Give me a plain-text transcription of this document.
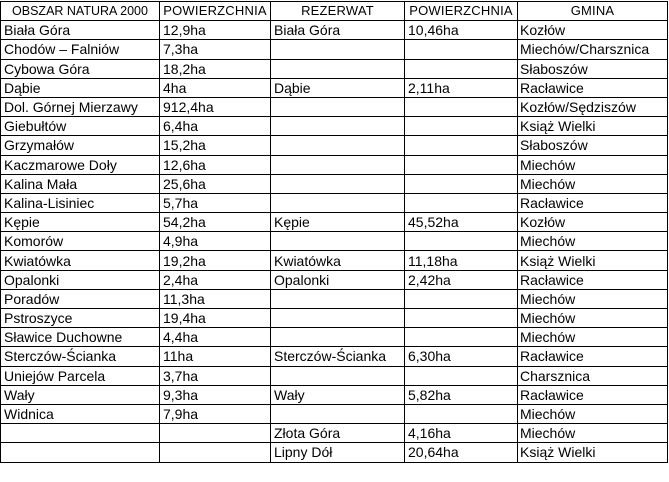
OBSZAR NATURA 2000	POWIERZCHNIA	REZERWAT	POWIERZCHNIA	GMINA
Biała Góra	12,9ha	Biała Góra	10,46ha	Kozłów
Chodów – Falniów	7,3ha			Miechów/Charsznica
Cybowa Góra	18,2ha			Słaboszów
Dąbie	4ha	Dąbie	2,11ha	Racławice
Dol. Górnej Mierzawy	912,4ha			Kozłów/Sędziszów
Giebułtów	6,4ha			Książ Wielki
Grzymałów	15,2ha			Słaboszów
Kaczmarowe Doły	12,6ha			Miechów
Kalina Mała	25,6ha			Miechów
Kalina-Lisiniec	5,7ha			Racławice
Kępie	54,2ha	Kępie	45,52ha	Kozłów
Komorów	4,9ha			Miechów
Kwiatówka	19,2ha	Kwiatówka	11,18ha	Książ Wielki
Opalonki	2,4ha	Opalonki	2,42ha	Racławice
Poradów	11,3ha			Miechów
Pstroszyce	19,4ha			Miechów
Sławice Duchowne	4,4ha			Miechów
Sterczów-Ścianka	11ha	Sterczów-Ścianka	6,30ha	Racławice
Uniejów Parcela	3,7ha			Charsznica
Wały	9,3ha	Wały	5,82ha	Racławice
Widnica	7,9ha			Miechów
		Złota Góra	4,16ha	Miechów
		Lipny Dół	20,64ha	Książ Wielki
